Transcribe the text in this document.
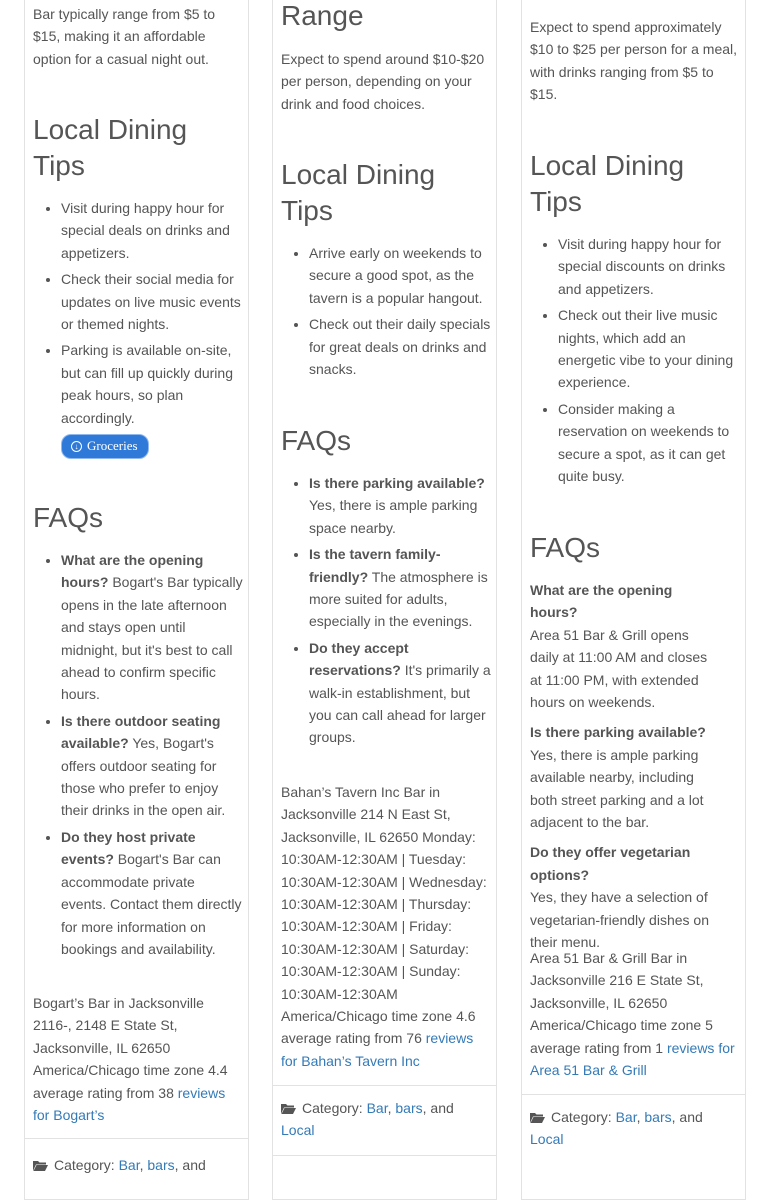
Bar typically range from $5 to $15, making it an affordable option for a casual night out.

Local Dining Tips
• Visit during happy hour for special deals on drinks and appetizers.
• Check their social media for updates on live music events or themed nights.
• Parking is available on-site, but can fill up quickly during peak hours, so plan accordingly.

↓ Groceries
FAQs
• What are the opening hours? Bogart's Bar typically opens in the late afternoon and stays open until midnight, but it's best to call ahead to confirm specific hours.
• Is there outdoor seating available? Yes, Bogart's offers outdoor seating for those who prefer to enjoy their drinks in the open air.
• Do they host private events? Bogart's Bar can accommodate private events. Contact them directly for more information on bookings and availability.

Bogart’s Bar in Jacksonville 2116-, 2148 E State St, Jacksonville, IL 62650 America/Chicago time zone 4.4 average rating from 38 reviews for Bogart’s

Category: Bar, bars, and
Range

Expect to spend around $10-$20 per person, depending on your drink and food choices.

Local Dining Tips
• Arrive early on weekends to secure a good spot, as the tavern is a popular hangout.
• Check out their daily specials for great deals on drinks and snacks.
FAQs
• Is there parking available? Yes, there is ample parking space nearby.
• Is the tavern family-friendly? The atmosphere is more suited for adults, especially in the evenings.
• Do they accept reservations? It's primarily a walk-in establishment, but you can call ahead for larger groups.

Bahan’s Tavern Inc Bar in Jacksonville 214 N East St, Jacksonville, IL 62650 Monday: 10:30AM-12:30AM | Tuesday: 10:30AM-12:30AM | Wednesday: 10:30AM-12:30AM | Thursday: 10:30AM-12:30AM | Friday: 10:30AM-12:30AM | Saturday: 10:30AM-12:30AM | Sunday: 10:30AM-12:30AM America/Chicago time zone 4.6 average rating from 76 reviews for Bahan’s Tavern Inc

Category: Bar, bars, and
Local

Expect to spend approximately $10 to $25 per person for a meal, with drinks ranging from $5 to $15.

Local Dining Tips
• Visit during happy hour for special discounts on drinks and appetizers.
• Check out their live music nights, which add an energetic vibe to your dining experience.
• Consider making a reservation on weekends to secure a spot, as it can get quite busy.
FAQs

What are the opening hours?
Area 51 Bar & Grill opens daily at 11:00 AM and closes at 11:00 PM, with extended hours on weekends.

Is there parking available?
Yes, there is ample parking available nearby, including both street parking and a lot adjacent to the bar.

Do they offer vegetarian options?
Yes, they have a selection of vegetarian-friendly dishes on their menu.

Area 51 Bar & Grill Bar in Jacksonville 216 E State St, Jacksonville, IL 62650 America/Chicago time zone 5 average rating from 1 reviews for Area 51 Bar & Grill

Category: Bar, bars, and
Local
